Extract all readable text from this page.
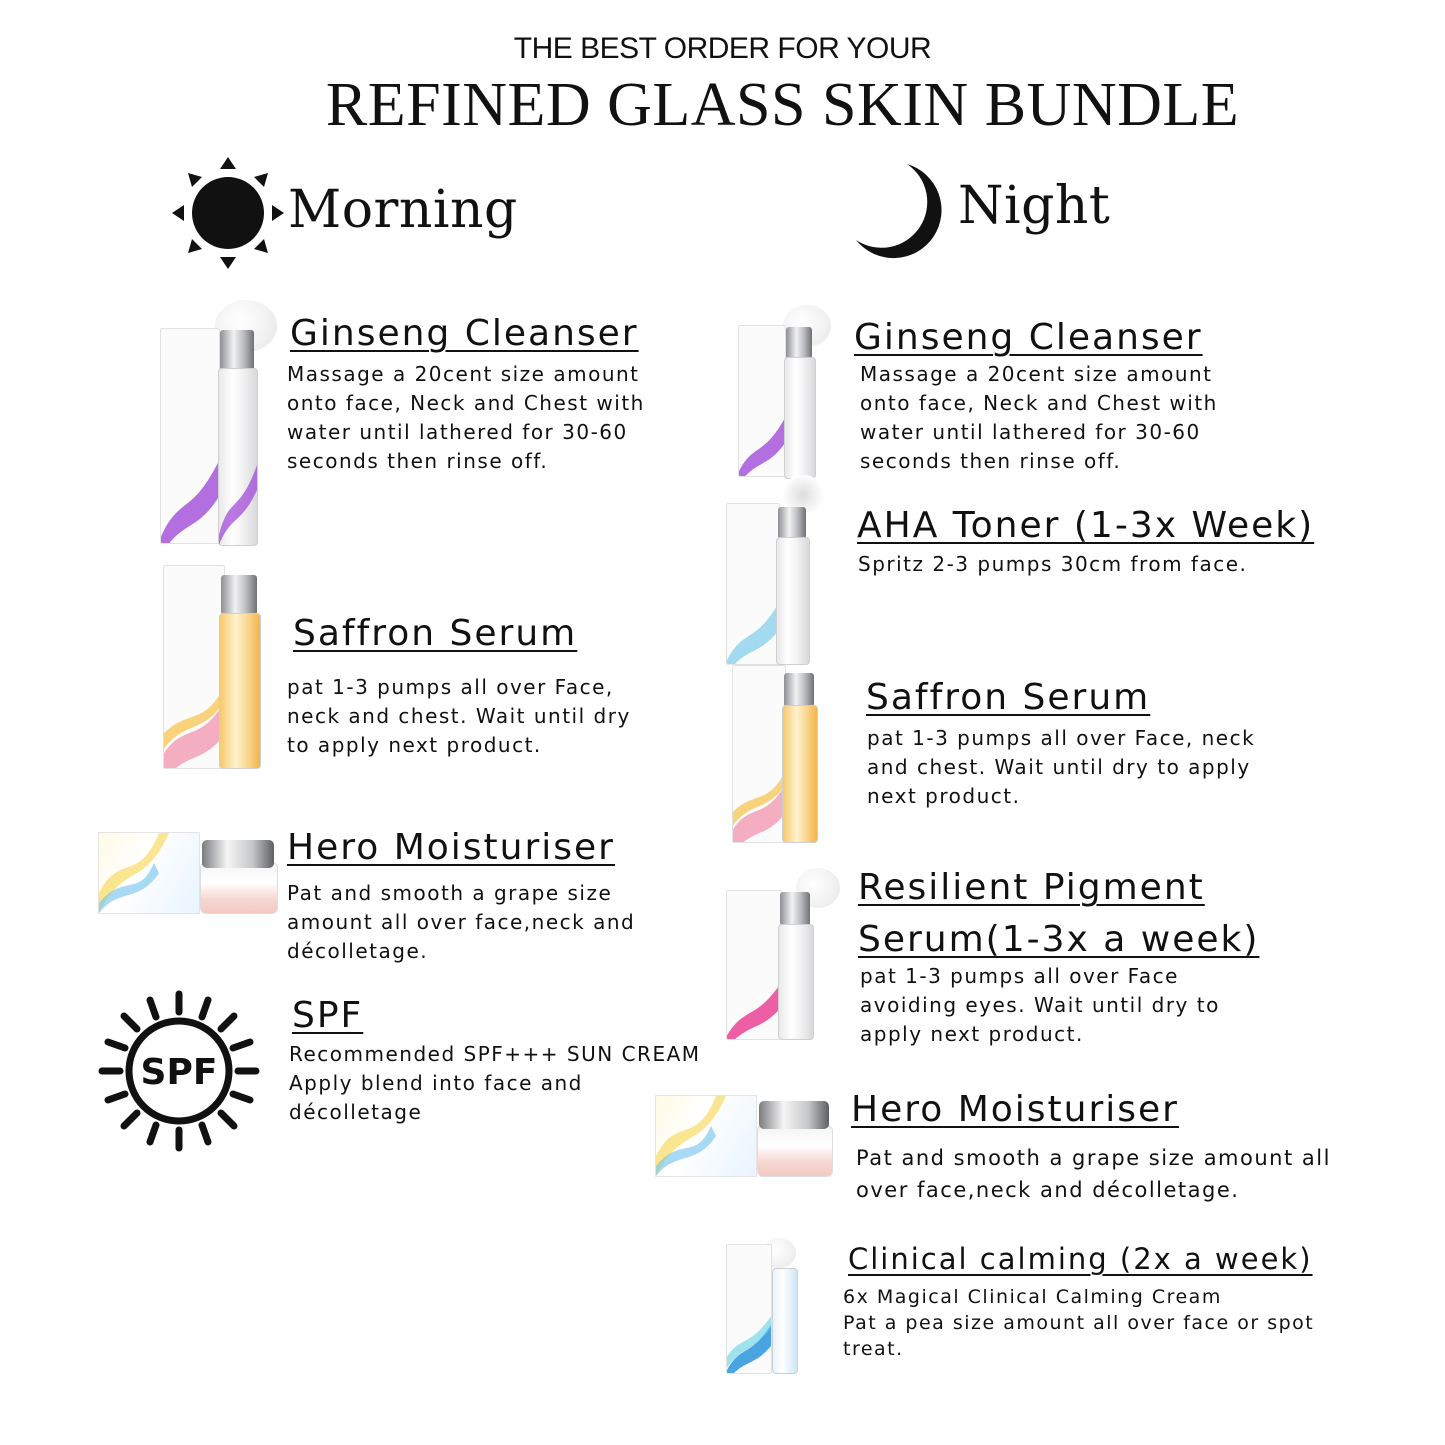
THE BEST ORDER FOR YOUR
REFINED GLASS SKIN BUNDLE
Morning	Night
Ginseng Cleanser
Massage a 20cent size amount
onto face, Neck and Chest with
water until lathered for 30-60
seconds then rinse off.
Saffron Serum
pat 1-3 pumps all over Face,
neck and chest. Wait until dry
to apply next product.
Hero Moisturiser
Pat and smooth a grape size
amount all over face,neck and
décolletage.
SPF
SPF
Recommended SPF+++ SUN CREAM
Apply blend into face and
décolletage
Ginseng Cleanser
Massage a 20cent size amount
onto face, Neck and Chest with
water until lathered for 30-60
seconds then rinse off.
AHA Toner (1-3x Week)
Spritz 2-3 pumps 30cm from face.
Saffron Serum
pat 1-3 pumps all over Face, neck
and chest. Wait until dry to apply
next product.
Resilient Pigment
Serum(1-3x a week)
pat 1-3 pumps all over Face
avoiding eyes. Wait until dry to
apply next product.
Hero Moisturiser
Pat and smooth a grape size amount all
over face,neck and décolletage.
Clinical calming (2x a week)
6x Magical Clinical Calming Cream
Pat a pea size amount all over face or spot
treat.
